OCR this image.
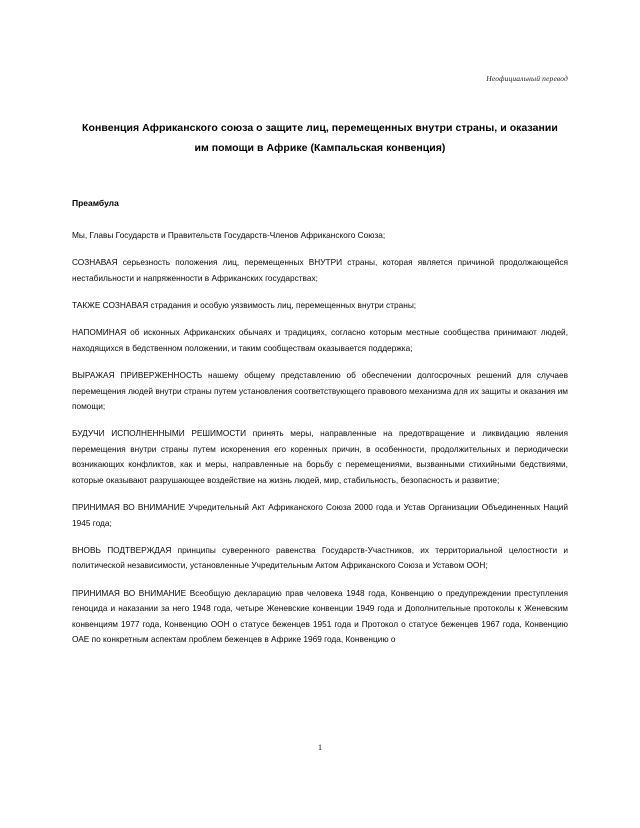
Неофициальный перевод
Конвенция Африканского союза о защите лиц, перемещенных внутри страны, и оказании им помощи в Африке (Кампальская конвенция)
Преамбула

Мы, Главы Государств и Правительств Государств-Членов Африканского Союза;

СОЗНАВАЯ серьезность положения лиц, перемещенных ВНУТРИ страны, которая является причиной продолжающейся нестабильности и напряженности в Африканских государствах;

ТАКЖЕ СОЗНАВАЯ страдания и особую уязвимость лиц, перемещенных внутри страны;

НАПОМИНАЯ об исконных Африканских обычаях и традициях, согласно которым местные сообщества принимают людей, находящихся в бедственном положении, и таким сообществам оказывается поддержка;

ВЫРАЖАЯ ПРИВЕРЖЕННОСТЬ нашему общему представлению об обеспечении долгосрочных решений для случаев перемещения людей внутри страны путем установления соответствующего правового механизма для их защиты и оказания им помощи;

БУДУЧИ ИСПОЛНЕННЫМИ РЕШИМОСТИ принять меры, направленные на предотвращение и ликвидацию явления перемещения внутри страны путем искоренения его коренных причин, в особенности, продолжительных и периодически возникающих конфликтов, как и меры, направленные на борьбу с перемещениями, вызванными стихийными бедствиями, которые оказывают разрушающее воздействие на жизнь людей, мир, стабильность, безопасность и развитие;

ПРИНИМАЯ ВО ВНИМАНИЕ Учредительный Акт Африканского Союза 2000 года и Устав Организации Объединенных Наций 1945 года;

ВНОВЬ ПОДТВЕРЖДАЯ принципы суверенного равенства Государств-Участников, их территориальной целостности и политической независимости, установленные Учредительным Актом Африканского Союза и Уставом ООН;

ПРИНИМАЯ ВО ВНИМАНИЕ Всеобщую декларацию прав человека 1948 года, Конвенцию о предупреждении преступления геноцида и наказании за него 1948 года, четыре Женевские конвенции 1949 года и Дополнительные протоколы к Женевским конвенциям 1977 года, Конвенцию ООН о статусе беженцев 1951 года и Протокол о статусе беженцев 1967 года, Конвенцию ОАЕ по конкретным аспектам проблем беженцев в Африке 1969 года, Конвенцию о

1
